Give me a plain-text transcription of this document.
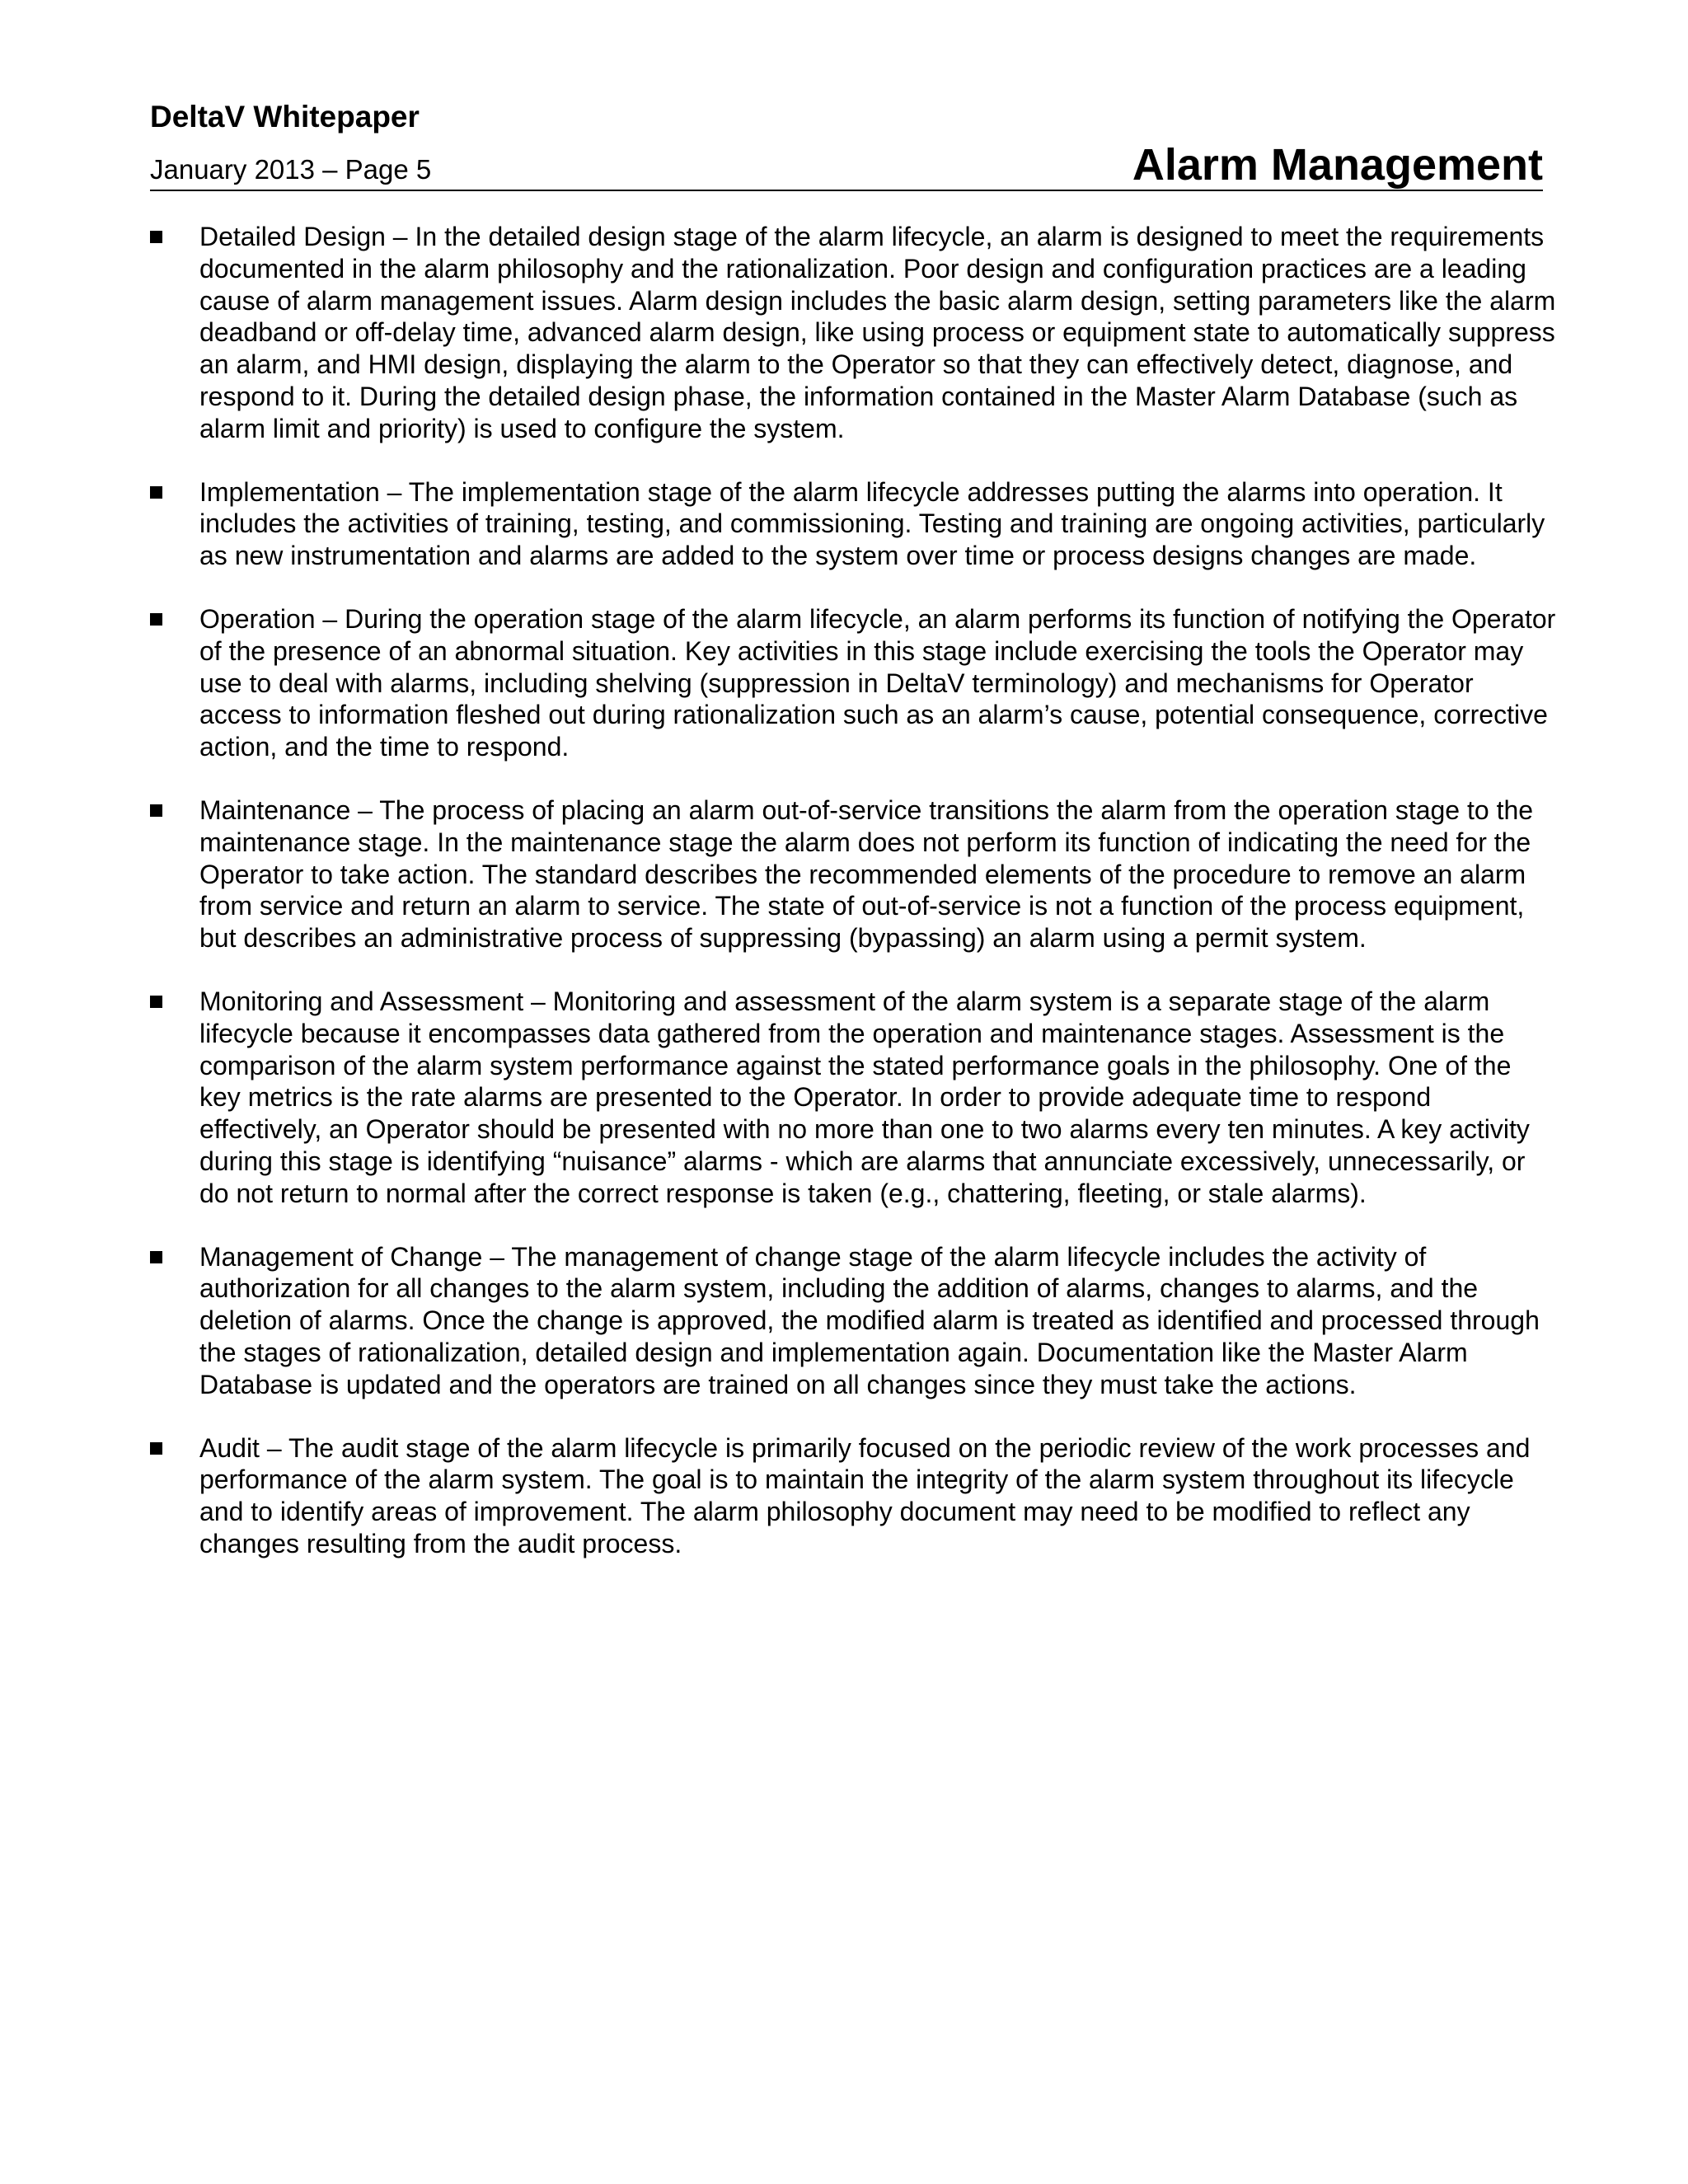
DeltaV Whitepaper
January 2013 – Page 5	Alarm Management
Detailed Design – In the detailed design stage of the alarm lifecycle, an alarm is designed to meet the requirements documented in the alarm philosophy and the rationalization. Poor design and configuration practices are a leading cause of alarm management issues. Alarm design includes the basic alarm design, setting parameters like the alarm deadband or off-delay time, advanced alarm design, like using process or equipment state to automatically suppress an alarm, and HMI design, displaying the alarm to the Operator so that they can effectively detect, diagnose, and respond to it. During the detailed design phase, the information contained in the Master Alarm Database (such as alarm limit and priority) is used to configure the system.
Implementation – The implementation stage of the alarm lifecycle addresses putting the alarms into operation. It includes the activities of training, testing, and commissioning. Testing and training are ongoing activities, particularly as new instrumentation and alarms are added to the system over time or process designs changes are made.
Operation – During the operation stage of the alarm lifecycle, an alarm performs its function of notifying the Operator of the presence of an abnormal situation. Key activities in this stage include exercising the tools the Operator may use to deal with alarms, including shelving (suppression in DeltaV terminology) and mechanisms for Operator access to information fleshed out during rationalization such as an alarm’s cause, potential consequence, corrective action, and the time to respond.
Maintenance – The process of placing an alarm out-of-service transitions the alarm from the operation stage to the maintenance stage. In the maintenance stage the alarm does not perform its function of indicating the need for the Operator to take action. The standard describes the recommended elements of the procedure to remove an alarm from service and return an alarm to service. The state of out-of-service is not a function of the process equipment, but describes an administrative process of suppressing (bypassing) an alarm using a permit system.
Monitoring and Assessment – Monitoring and assessment of the alarm system is a separate stage of the alarm lifecycle because it encompasses data gathered from the operation and maintenance stages. Assessment is the comparison of the alarm system performance against the stated performance goals in the philosophy. One of the key metrics is the rate alarms are presented to the Operator. In order to provide adequate time to respond effectively, an Operator should be presented with no more than one to two alarms every ten minutes. A key activity during this stage is identifying “nuisance” alarms - which are alarms that annunciate excessively, unnecessarily, or do not return to normal after the correct response is taken (e.g., chattering, fleeting, or stale alarms).
Management of Change – The management of change stage of the alarm lifecycle includes the activity of authorization for all changes to the alarm system, including the addition of alarms, changes to alarms, and the deletion of alarms. Once the change is approved, the modified alarm is treated as identified and processed through the stages of rationalization, detailed design and implementation again. Documentation like the Master Alarm Database is updated and the operators are trained on all changes since they must take the actions.
Audit – The audit stage of the alarm lifecycle is primarily focused on the periodic review of the work processes and performance of the alarm system. The goal is to maintain the integrity of the alarm system throughout its lifecycle and to identify areas of improvement. The alarm philosophy document may need to be modified to reflect any changes resulting from the audit process.
